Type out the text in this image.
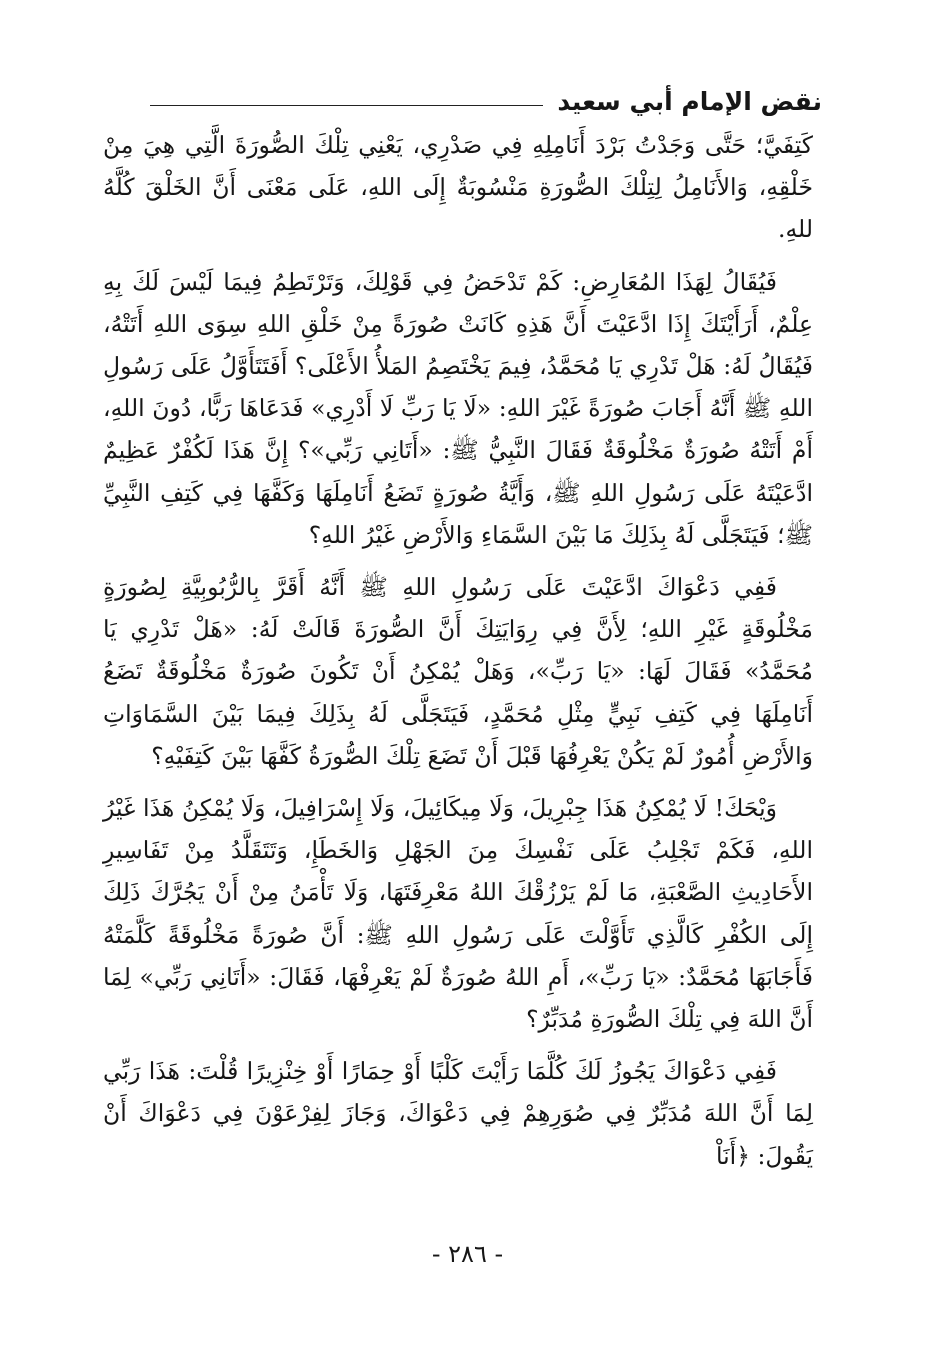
نقض الإمام أبي سعيد

كَتِفَيَّ؛ حَتَّى وَجَدْتُ بَرْدَ أَنَامِلِهِ فِي صَدْرِي، يَعْنِي تِلْكَ الصُّورَةَ الَّتِي هِيَ مِنْ خَلْقِهِ، وَالأَنَامِلُ لِتِلْكَ الصُّورَةِ مَنْسُوبَةٌ إِلَى اللهِ، عَلَى مَعْنَى أَنَّ الخَلْقَ كُلَّهُ للهِ.

فَيُقَالُ لِهَذَا المُعَارِضِ: كَمْ تَدْحَضُ فِي قَوْلِكَ، وَتَرْتَطِمُ فِيمَا لَيْسَ لَكَ بِهِ عِلْمٌ، أَرَأَيْتَكَ إِذَا ادَّعَيْتَ أَنَّ هَذِهِ كَانَتْ صُورَةً مِنْ خَلْقِ اللهِ سِوَى اللهِ أَتَتْهُ، فَيُقَالُ لَهُ: هَلْ تَدْرِي يَا مُحَمَّدُ، فِيمَ يَخْتَصِمُ المَلأُ الأَعْلَى؟ أَفَتَتَأَوَّلُ عَلَى رَسُولِ اللهِ ﷺ أَنَّهُ أَجَابَ صُورَةً غَيْرَ اللهِ: «لَا يَا رَبِّ لَا أَدْرِي» فَدَعَاهَا رَبًّا، دُونَ اللهِ، أَمْ أَتَتْهُ صُورَةٌ مَخْلُوقَةٌ فَقَالَ النَّبِيُّ ﷺ: «أَتَانِي رَبِّي»؟ إِنَّ هَذَا لَكُفْرٌ عَظِيمٌ ادَّعَيْتَهُ عَلَى رَسُولِ اللهِ ﷺ، وَأَيَّةُ صُورَةٍ تَضَعُ أَنَامِلَهَا وَكَفَّهَا فِي كَتِفِ النَّبِيِّ ﷺ؛ فَيَتَجَلَّى لَهُ بِذَلِكَ مَا بَيْنَ السَّمَاءِ وَالأَرْضِ غَيْرُ اللهِ؟

فَفِي دَعْوَاكَ ادَّعَيْتَ عَلَى رَسُولِ اللهِ ﷺ أَنَّهُ أَقَرَّ بِالرُّبُوبِيَّةِ لِصُورَةٍ مَخْلُوقَةٍ غَيْرِ اللهِ؛ لِأَنَّ فِي رِوَايَتِكَ أَنَّ الصُّورَةَ قَالَتْ لَهُ: «هَلْ تَدْرِي يَا مُحَمَّدُ» فَقَالَ لَهَا: «يَا رَبِّ»، وَهَلْ يُمْكِنُ أَنْ تَكُونَ صُورَةٌ مَخْلُوقَةٌ تَضَعُ أَنَامِلَهَا فِي كَتِفِ نَبِيٍّ مِثْلِ مُحَمَّدٍ، فَيَتَجَلَّى لَهُ بِذَلِكَ فِيمَا بَيْنَ السَّمَاوَاتِ وَالأَرْضِ أُمُورٌ لَمْ يَكُنْ يَعْرِفُهَا قَبْلَ أَنْ تَضَعَ تِلْكَ الصُّورَةُ كَفَّهَا بَيْنَ كَتِفَيْهِ؟

وَيْحَكَ! لَا يُمْكِنُ هَذَا جِبْرِيلَ، وَلَا مِيكَائِيلَ، وَلَا إِسْرَافِيلَ، وَلَا يُمْكِنُ هَذَا غَيْرُ اللهِ، فَكَمْ تَجْلِبُ عَلَى نَفْسِكَ مِنَ الجَهْلِ وَالخَطَإِ، وَتَتَقَلَّدُ مِنْ تَفَاسِيرِ الأَحَادِيثِ الصَّعْبَةِ، مَا لَمْ يَرْزُقْكَ اللهُ مَعْرِفَتَهَا، وَلَا تَأْمَنُ مِنْ أَنْ يَجُرَّكَ ذَلِكَ إِلَى الكُفْرِ كَالَّذِي تَأَوَّلْتَ عَلَى رَسُولِ اللهِ ﷺ: أَنَّ صُورَةً مَخْلُوقَةً كَلَّمَتْهُ فَأَجَابَهَا مُحَمَّدٌ: «يَا رَبِّ»، أَمِ اللهُ صُورَةٌ لَمْ يَعْرِفْهَا، فَقَالَ: «أَتَانِي رَبِّي» لِمَا أَنَّ اللهَ فِي تِلْكَ الصُّورَةِ مُدَبِّرٌ؟

فَفِي دَعْوَاكَ يَجُوزُ لَكَ كُلَّمَا رَأَيْتَ كَلْبًا أَوْ حِمَارًا أَوْ خِنْزِيرًا قُلْتَ: هَذَا رَبِّي لِمَا أَنَّ اللهَ مُدَبِّرٌ فِي صُوَرِهِمْ فِي دَعْوَاكَ، وَجَازَ لِفِرْعَوْنَ فِي دَعْوَاكَ أَنْ يَقُولَ: ﴿أَنَاْ

- ٢٨٦ -
